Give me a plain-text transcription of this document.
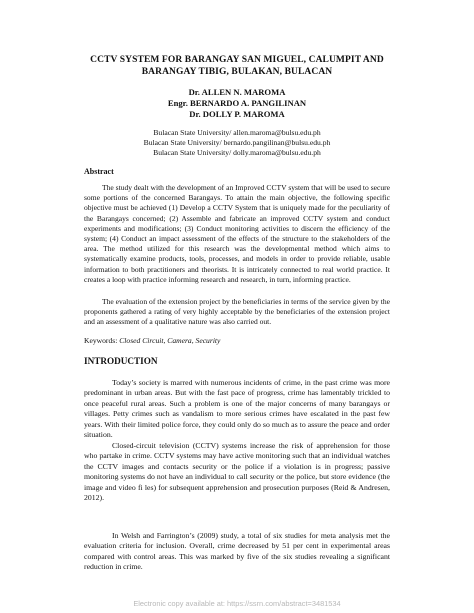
CCTV SYSTEM FOR BARANGAY SAN MIGUEL, CALUMPIT AND BARANGAY TIBIG, BULAKAN, BULACAN
Dr. ALLEN N. MAROMA
Engr. BERNARDO A. PANGILINAN
Dr. DOLLY P. MAROMA
Bulacan State University/ allen.maroma@bulsu.edu.ph
Bulacan State University/ bernardo.pangilinan@bulsu.edu.ph
Bulacan State University/ dolly.maroma@bulsu.edu.ph
Abstract
The study dealt with the development of an Improved CCTV system that will be used to secure some portions of the concerned Barangays. To attain the main objective, the following specific objective must be achieved (1) Develop a CCTV System that is uniquely made for the peculiarity of the Barangays concerned; (2) Assemble and fabricate an improved CCTV system and conduct experiments and modifications; (3) Conduct monitoring activities to discern the efficiency of the system; (4) Conduct an impact assessment of the effects of the structure to the stakeholders of the area. The method utilized for this research was the developmental method which aims to systematically examine products, tools, processes, and models in order to provide reliable, usable information to both practitioners and theorists. It is intricately connected to real world practice. It creates a loop with practice informing research and research, in turn, informing practice.
The evaluation of the extension project by the beneficiaries in terms of the service given by the proponents gathered a rating of very highly acceptable by the beneficiaries of the extension project and an assessment of a qualitative nature was also carried out.
Keywords: Closed Circuit, Camera, Security
INTRODUCTION
Today’s society is marred with numerous incidents of crime, in the past crime was more predominant in urban areas. But with the fast pace of progress, crime has lamentably trickled to once peaceful rural areas. Such a problem is one of the major concerns of many barangays or villages. Petty crimes such as vandalism to more serious crimes have escalated in the past few years. With their limited police force, they could only do so much as to assure the peace and order situation.
Closed-circuit television (CCTV) systems increase the risk of apprehension for those who partake in crime. CCTV systems may have active monitoring such that an individual watches the CCTV images and contacts security or the police if a violation is in progress; passive monitoring systems do not have an individual to call security or the police, but store evidence (the image and video fi les) for subsequent apprehension and prosecution purposes (Reid & Andresen, 2012).
In Welsh and Farrington’s (2009) study, a total of six studies for meta analysis met the evaluation criteria for inclusion. Overall, crime decreased by 51 per cent in experimental areas compared with control areas. This was marked by five of the six studies revealing a significant reduction in crime.
Electronic copy available at: https://ssrn.com/abstract=3481534
